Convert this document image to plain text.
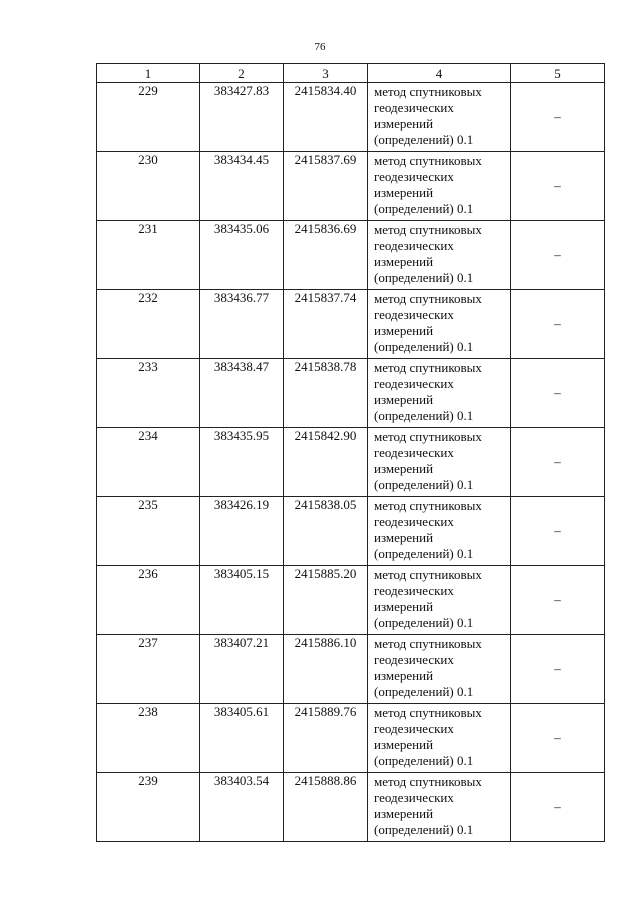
76
1	2	3	4	5
229	383427.83	2415834.40	метод спутниковых
геодезических
измерений
(определений) 0.1	–
230	383434.45	2415837.69	метод спутниковых
геодезических
измерений
(определений) 0.1	–
231	383435.06	2415836.69	метод спутниковых
геодезических
измерений
(определений) 0.1	–
232	383436.77	2415837.74	метод спутниковых
геодезических
измерений
(определений) 0.1	–
233	383438.47	2415838.78	метод спутниковых
геодезических
измерений
(определений) 0.1	–
234	383435.95	2415842.90	метод спутниковых
геодезических
измерений
(определений) 0.1	–
235	383426.19	2415838.05	метод спутниковых
геодезических
измерений
(определений) 0.1	–
236	383405.15	2415885.20	метод спутниковых
геодезических
измерений
(определений) 0.1	–
237	383407.21	2415886.10	метод спутниковых
геодезических
измерений
(определений) 0.1	–
238	383405.61	2415889.76	метод спутниковых
геодезических
измерений
(определений) 0.1	–
239	383403.54	2415888.86	метод спутниковых
геодезических
измерений
(определений) 0.1	–
